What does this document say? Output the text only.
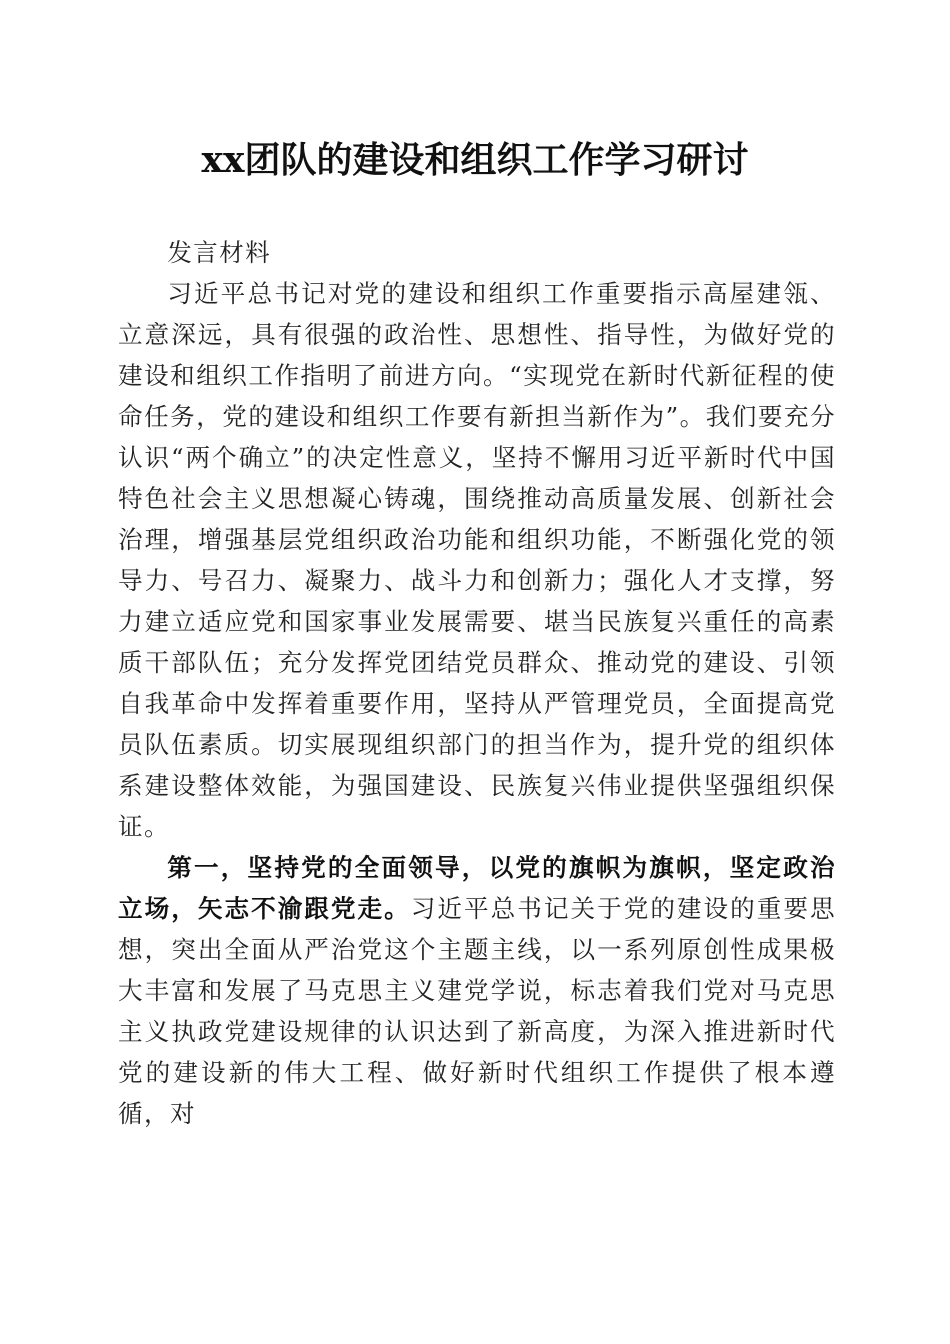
xx团队的建设和组织工作学习研讨

发言材料

习近平总书记对党的建设和组织工作重要指示高屋建瓴、立意深远，具有很强的政治性、思想性、指导性，为做好党的建设和组织工作指明了前进方向。“实现党在新时代新征程的使命任务，党的建设和组织工作要有新担当新作为”。我们要充分认识“两个确立”的决定性意义，坚持不懈用习近平新时代中国特色社会主义思想凝心铸魂，围绕推动高质量发展、创新社会治理，增强基层党组织政治功能和组织功能，不断强化党的领导力、号召力、凝聚力、战斗力和创新力；强化人才支撑，努力建立适应党和国家事业发展需要、堪当民族复兴重任的高素质干部队伍；充分发挥党团结党员群众、推动党的建设、引领自我革命中发挥着重要作用，坚持从严管理党员，全面提高党员队伍素质。切实展现组织部门的担当作为，提升党的组织体系建设整体效能，为强国建设、民族复兴伟业提供坚强组织保证。

第一，坚持党的全面领导，以党的旗帜为旗帜，坚定政治立场，矢志不渝跟党走。习近平总书记关于党的建设的重要思想，突出全面从严治党这个主题主线，以一系列原创性成果极大丰富和发展了马克思主义建党学说，标志着我们党对马克思主义执政党建设规律的认识达到了新高度，为深入推进新时代党的建设新的伟大工程、做好新时代组织工作提供了根本遵循，对
